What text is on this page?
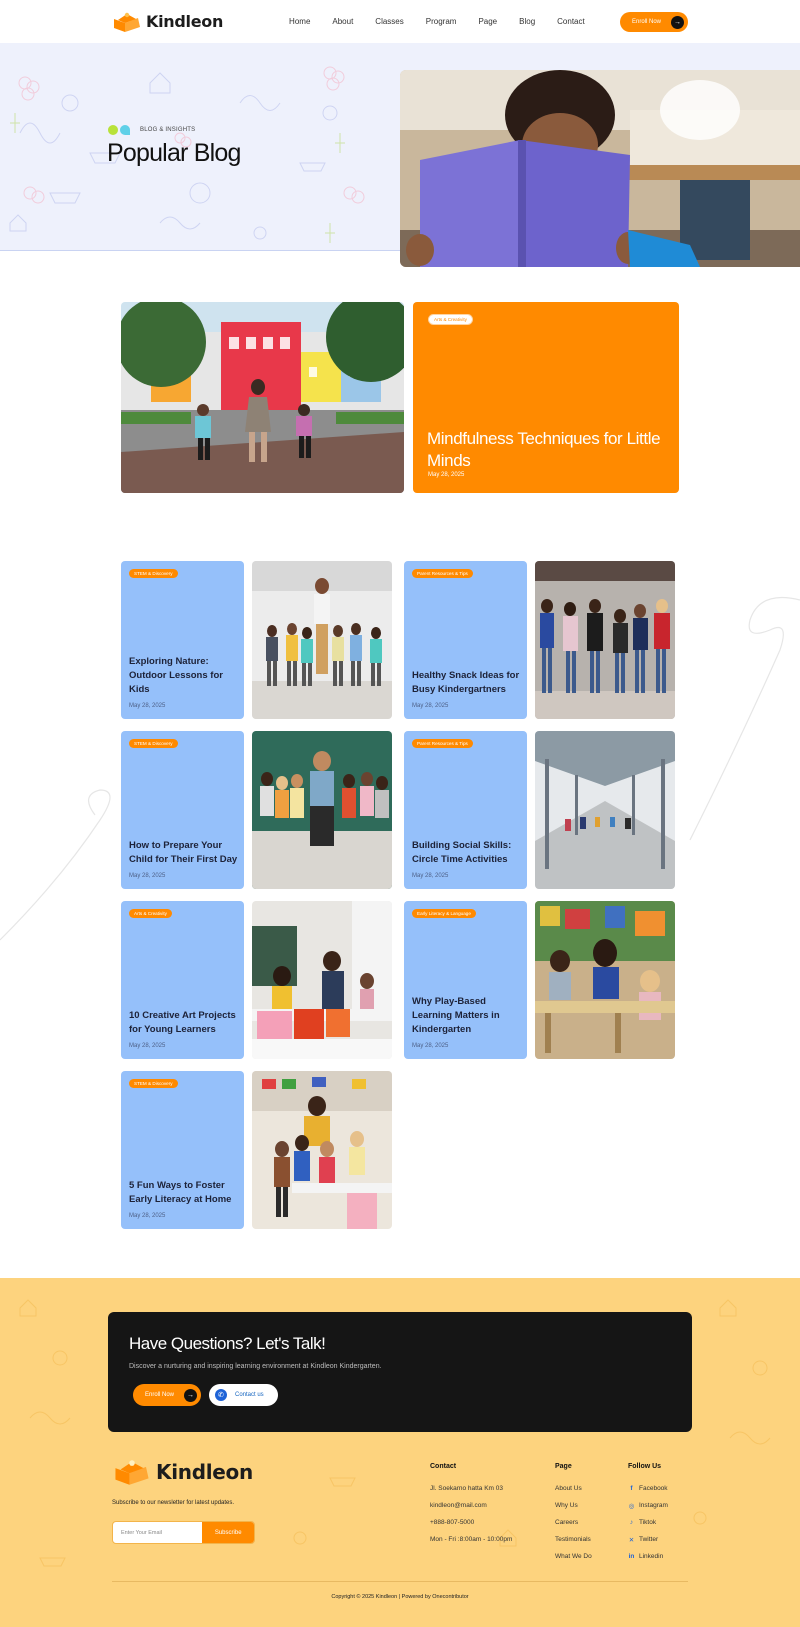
Kindleon	Home	About	Classes	Program	Page	Blog	Contact	Enroll Now	→
BLOG & INSIGHTS
Popular Blog
Arts & Creativity
Mindfulness Techniques for Little Minds
May 28, 2025
STEM & Discovery
Exploring Nature: Outdoor Lessons for Kids
May 28, 2025
Parent Resources & Tips
Healthy Snack Ideas for Busy Kindergartners
May 28, 2025
STEM & Discovery
How to Prepare Your Child for Their First Day
May 28, 2025
Parent Resources & Tips
Building Social Skills: Circle Time Activities
May 28, 2025
Arts & Creativity
10 Creative Art Projects for Young Learners
May 28, 2025
Early Literacy & Language
Why Play-Based Learning Matters in Kindergarten
May 28, 2025
STEM & Discovery
5 Fun Ways to Foster Early Literacy at Home
May 28, 2025
Have Questions? Let's Talk!

Discover a nurturing and inspiring learning environment at Kindleon Kindergarten.

Enroll Now	→	✆	Contact us
Kindleon

Subscribe to our newsletter for latest updates.

Enter Your Email
Subscribe
Contact
Jl. Soekarno hatta Km 03
kindleon@mail.com
+888-807-5000
Mon - Fri :8:00am - 10:00pm
Page
About Us
Why Us
Careers
Testimonials
What We Do
Follow Us
f Facebook
◎ Instagram
♪ Tiktok
✕ Twitter
in Linkedin

Copyright © 2025 Kindleon | Powered by Onecontributor
